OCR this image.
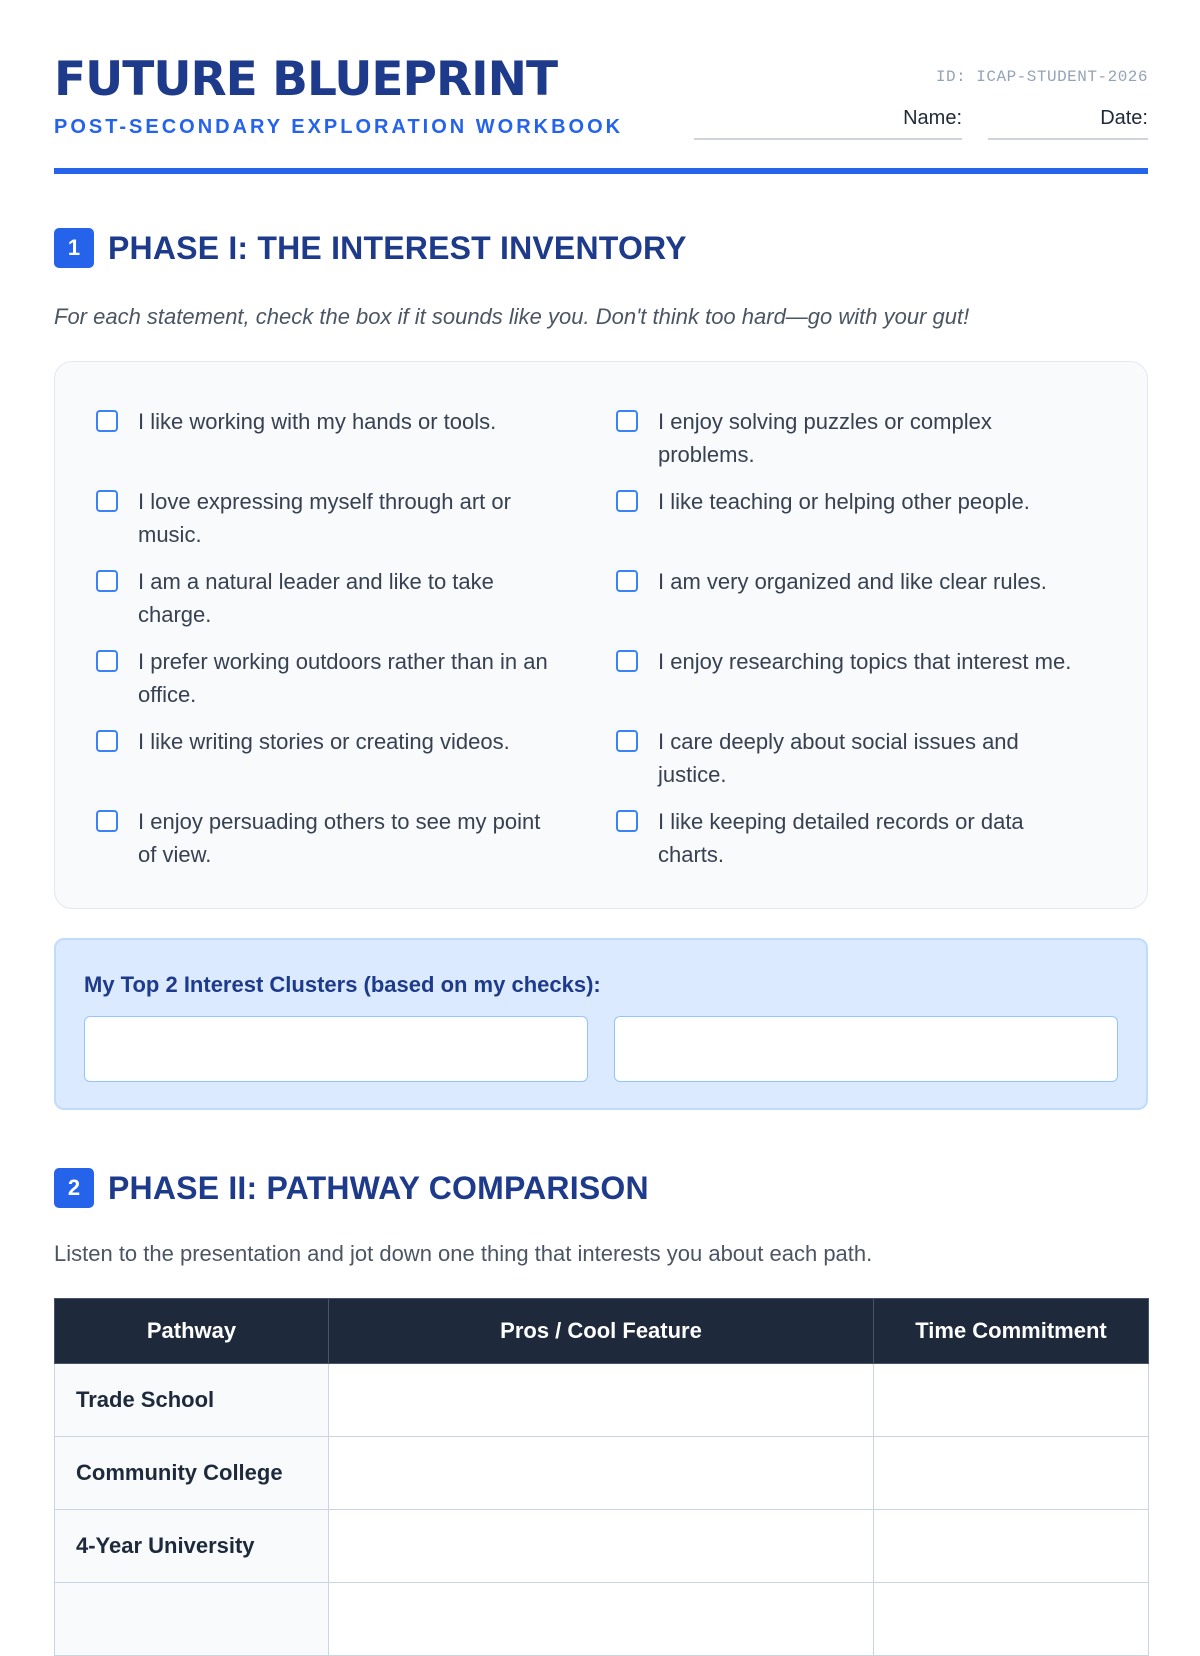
FUTURE BLUEPRINT
POST-SECONDARY EXPLORATION WORKBOOK
ID: ICAP-STUDENT-2026
Name:	Date:
1 PHASE I: THE INTEREST INVENTORY
For each statement, check the box if it sounds like you. Don't think too hard—go with your gut!
I like working with my hands or tools.	I enjoy solving puzzles or complex problems.
I love expressing myself through art or music.
I like teaching or helping other people.
I am a natural leader and like to take charge.
I am very organized and like clear rules.
I prefer working outdoors rather than in an office.
I enjoy researching topics that interest me.
I like writing stories or creating videos.	I care deeply about social issues and justice.
I enjoy persuading others to see my point of view.
I like keeping detailed records or data charts.
My Top 2 Interest Clusters (based on my checks):
2 PHASE II: PATHWAY COMPARISON
Listen to the presentation and jot down one thing that interests you about each path.
Pathway	Pros / Cool Feature	Time Commitment
Trade School		
Community College		
4-Year University		
